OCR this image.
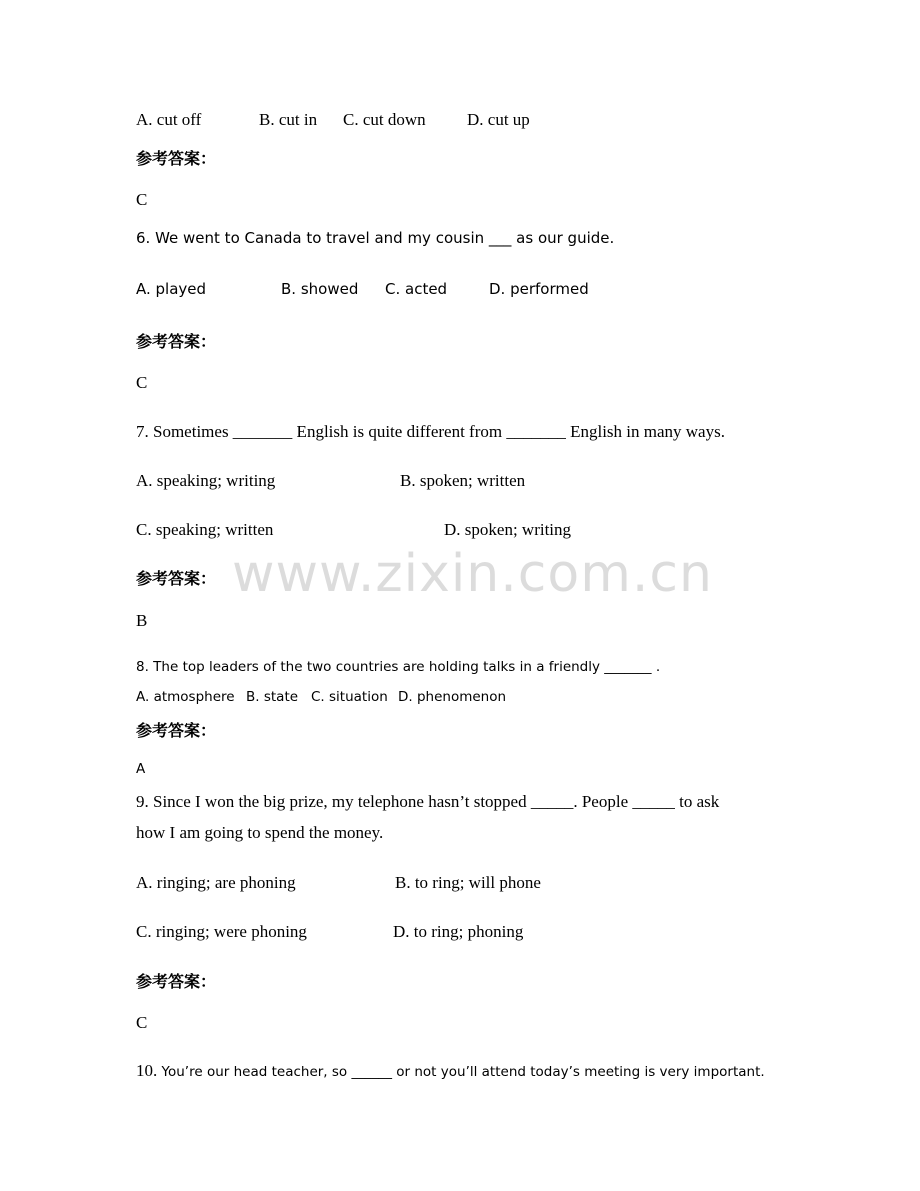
www.zixin.com.cn
A. cut off	B. cut in C. cut down D. cut up
参考答案：
C
6. We went to Canada to travel and my cousin ___ as our guide.
A. played	B. showed C. acted	D. performed
参考答案：
C
7. Sometimes _______ English is quite different from _______ English in many ways.
A. speaking; writing	B. spoken; written
C. speaking; written	D. spoken; writing
参考答案：
B
8. The top leaders of the two countries are holding talks in a friendly _______ .
A. atmosphere B. state C. situation D. phenomenon
参考答案：
A
9. Since I won the big prize, my telephone hasn’t stopped _____. People _____ to ask
how I am going to spend the money.
A. ringing; are phoning	B. to ring; will phone
C. ringing; were phoning	D. to ring; phoning
参考答案：
C
10. You’re our head teacher, so ______ or not you’ll attend today’s meeting is very important.
